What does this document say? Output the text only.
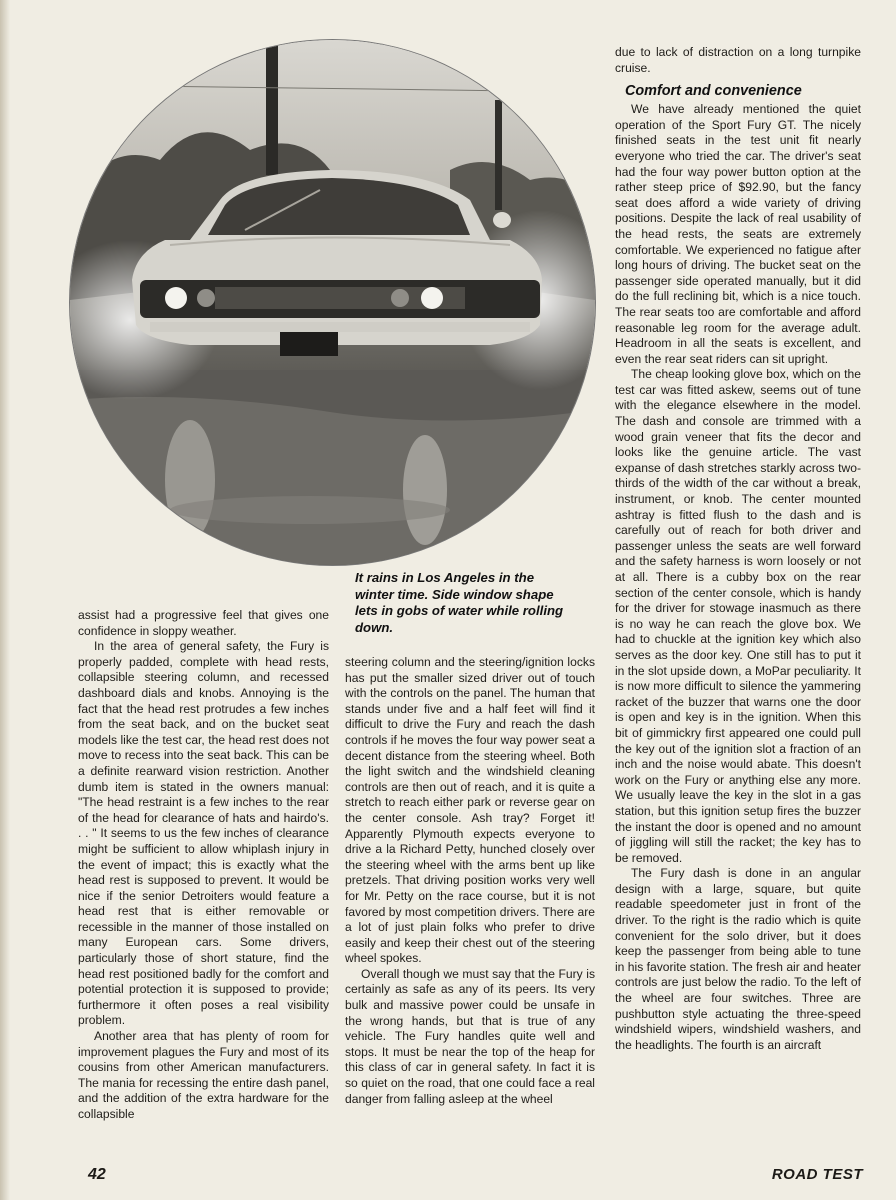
It rains in Los Angeles in the winter time. Side window shape lets in gobs of water while rolling down.

assist had a progressive feel that gives one confidence in sloppy weather.

In the area of general safety, the Fury is properly padded, complete with head rests, collapsible steering column, and recessed dashboard dials and knobs. Annoying is the fact that the head rest protrudes a few inches from the seat back, and on the bucket seat models like the test car, the head rest does not move to recess into the seat back. This can be a definite rearward vision restriction. Another dumb item is stated in the owners manual: "The head restraint is a few inches to the rear of the head for clearance of hats and hairdo's. . . " It seems to us the few inches of clearance might be sufficient to allow whiplash injury in the event of impact; this is exactly what the head rest is supposed to prevent. It would be nice if the senior Detroiters would feature a head rest that is either removable or recessible in the manner of those installed on many European cars. Some drivers, particularly those of short stature, find the head rest positioned badly for the comfort and potential protection it is supposed to provide; furthermore it often poses a real visibility problem.

Another area that has plenty of room for improvement plagues the Fury and most of its cousins from other American manufacturers. The mania for recessing the entire dash panel, and the addition of the extra hardware for the collapsible

steering column and the steering/ignition locks has put the smaller sized driver out of touch with the controls on the panel. The human that stands under five and a half feet will find it difficult to drive the Fury and reach the dash controls if he moves the four way power seat a decent distance from the steering wheel. Both the light switch and the windshield cleaning controls are then out of reach, and it is quite a stretch to reach either park or reverse gear on the center console. Ash tray? Forget it! Apparently Plymouth expects everyone to drive a la Richard Petty, hunched closely over the steering wheel with the arms bent up like pretzels. That driving position works very well for Mr. Petty on the race course, but it is not favored by most competition drivers. There are a lot of just plain folks who prefer to drive easily and keep their chest out of the steering wheel spokes.

Overall though we must say that the Fury is certainly as safe as any of its peers. Its very bulk and massive power could be unsafe in the wrong hands, but that is true of any vehicle. The Fury handles quite well and stops. It must be near the top of the heap for this class of car in general safety. In fact it is so quiet on the road, that one could face a real danger from falling asleep at the wheel

due to lack of distraction on a long turnpike cruise.

Comfort and convenience

We have already mentioned the quiet operation of the Sport Fury GT. The nicely finished seats in the test unit fit nearly everyone who tried the car. The driver's seat had the four way power button option at the rather steep price of $92.90, but the fancy seat does afford a wide variety of driving positions. Despite the lack of real usability of the head rests, the seats are extremely comfortable. We experienced no fatigue after long hours of driving. The bucket seat on the passenger side operated manually, but it did do the full reclining bit, which is a nice touch. The rear seats too are comfortable and afford reasonable leg room for the average adult. Headroom in all the seats is excellent, and even the rear seat riders can sit upright.

The cheap looking glove box, which on the test car was fitted askew, seems out of tune with the elegance elsewhere in the model. The dash and console are trimmed with a wood grain veneer that fits the decor and looks like the genuine article. The vast expanse of dash stretches starkly across two-thirds of the width of the car without a break, instrument, or knob. The center mounted ashtray is fitted flush to the dash and is carefully out of reach for both driver and passenger unless the seats are well forward and the safety harness is worn loosely or not at all. There is a cubby box on the rear section of the center console, which is handy for the driver for stowage inasmuch as there is no way he can reach the glove box. We had to chuckle at the ignition key which also serves as the door key. One still has to put it in the slot upside down, a MoPar peculiarity. It is now more difficult to silence the yammering racket of the buzzer that warns one the door is open and key is in the ignition. When this bit of gimmickry first appeared one could pull the key out of the ignition slot a fraction of an inch and the noise would abate. This doesn't work on the Fury or anything else any more. We usually leave the key in the slot in a gas station, but this ignition setup fires the buzzer the instant the door is opened and no amount of jiggling will still the racket; the key has to be removed.

The Fury dash is done in an angular design with a large, square, but quite readable speedometer just in front of the driver. To the right is the radio which is quite convenient for the solo driver, but it does keep the passenger from being able to tune in his favorite station. The fresh air and heater controls are just below the radio. To the left of the wheel are four switches. Three are pushbutton style actuating the three-speed windshield wipers, windshield washers, and the headlights. The fourth is an aircraft

42	ROAD TEST
